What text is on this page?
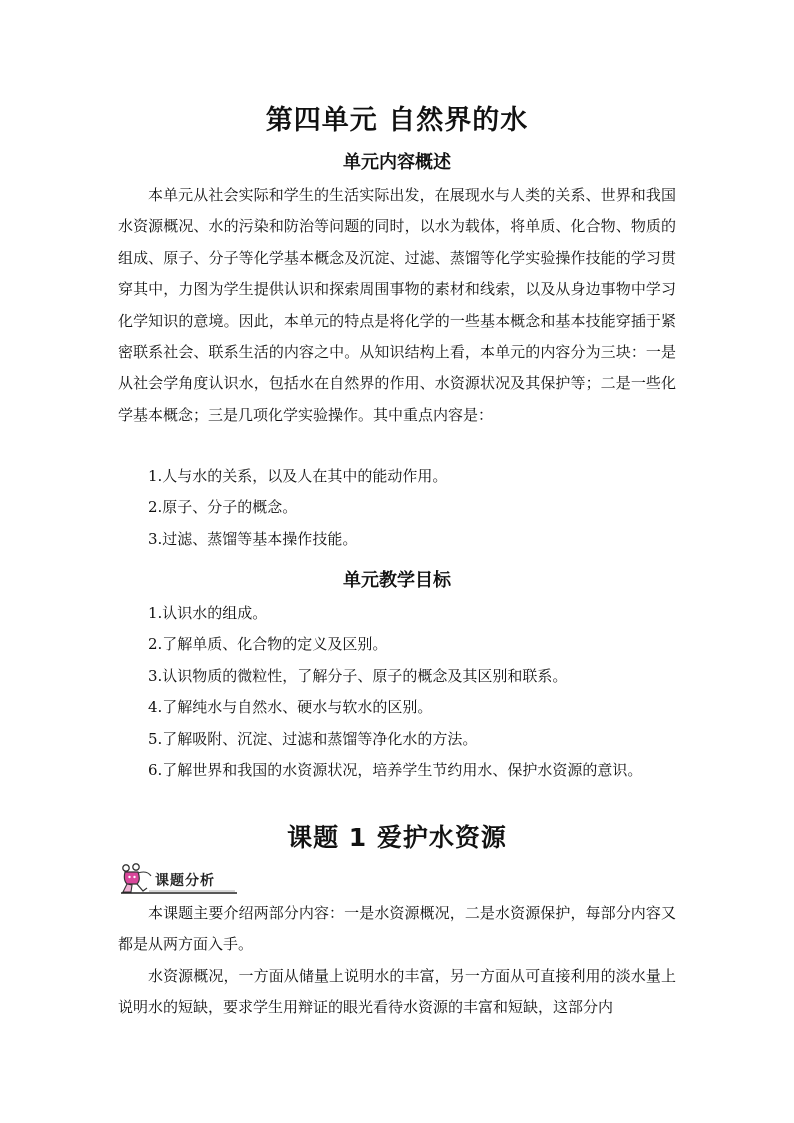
第四单元 自然界的水
单元内容概述

本单元从社会实际和学生的生活实际出发，在展现水与人类的关系、世界和我国水资源概况、水的污染和防治等问题的同时，以水为载体，将单质、化合物、物质的组成、原子、分子等化学基本概念及沉淀、过滤、蒸馏等化学实验操作技能的学习贯穿其中，力图为学生提供认识和探索周围事物的素材和线索，以及从身边事物中学习化学知识的意境。因此，本单元的特点是将化学的一些基本概念和基本技能穿插于紧密联系社会、联系生活的内容之中。从知识结构上看，本单元的内容分为三块：一是从社会学角度认识水，包括水在自然界的作用、水资源状况及其保护等；二是一些化学基本概念；三是几项化学实验操作。其中重点内容是：

1.人与水的关系，以及人在其中的能动作用。
2.原子、分子的概念。
3.过滤、蒸馏等基本操作技能。
单元教学目标
1.认识水的组成。
2.了解单质、化合物的定义及区别。
3.认识物质的微粒性，了解分子、原子的概念及其区别和联系。
4.了解纯水与自然水、硬水与软水的区别。
5.了解吸附、沉淀、过滤和蒸馏等净化水的方法。
6.了解世界和我国的水资源状况，培养学生节约用水、保护水资源的意识。
课题 1 爱护水资源
课题分析

本课题主要介绍两部分内容：一是水资源概况，二是水资源保护，每部分内容又都是从两方面入手。

水资源概况，一方面从储量上说明水的丰富，另一方面从可直接利用的淡水量上说明水的短缺，要求学生用辩证的眼光看待水资源的丰富和短缺，这部分内
